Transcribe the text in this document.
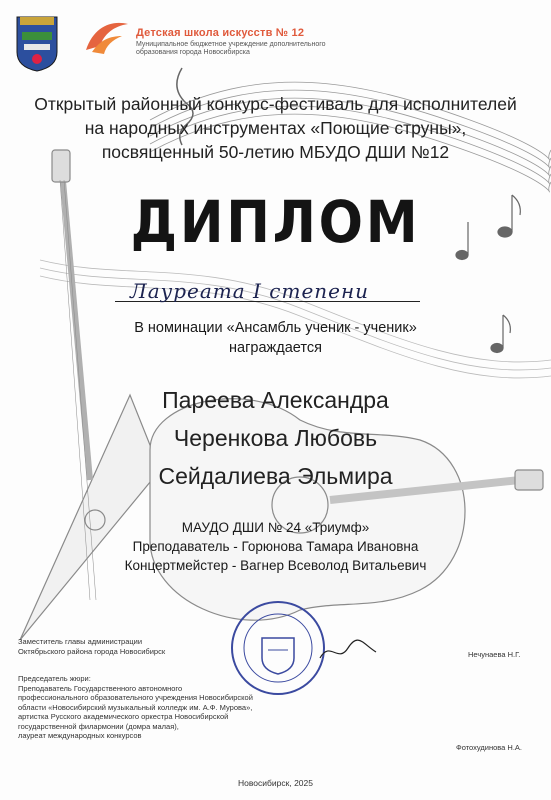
Детская школа искусств № 12
Муниципальное бюджетное учреждение дополнительного образования города Новосибирска
Открытый районный конкурс-фестиваль для исполнителей
на народных инструментах «Поющие струны»,
посвященный 50-летию МБУДО ДШИ №12
ДИПЛОМ
Лауреата I степени
В номинации «Ансамбль ученик - ученик»
награждается
Пареева Александра
Черенкова Любовь
Сейдалиева Эльмира
МАУДО ДШИ № 24 «Триумф»
Преподаватель - Горюнова Тамара Ивановна
Концертмейстер - Вагнер Всеволод Витальевич
Заместитель главы администрации
Октябрьского района города Новосибирск	Нечунаева Н.Г.
Председатель жюри:
Преподаватель Государственного автономного
профессионального образовательного учреждения Новосибирской
области «Новосибирский музыкальный колледж им. А.Ф. Мурова»,
артистка Русского академического оркестра Новосибирской
государственной филармонии (домра малая),
лауреат международных конкурсов
Фотохудинова Н.А.
Новосибирск, 2025
